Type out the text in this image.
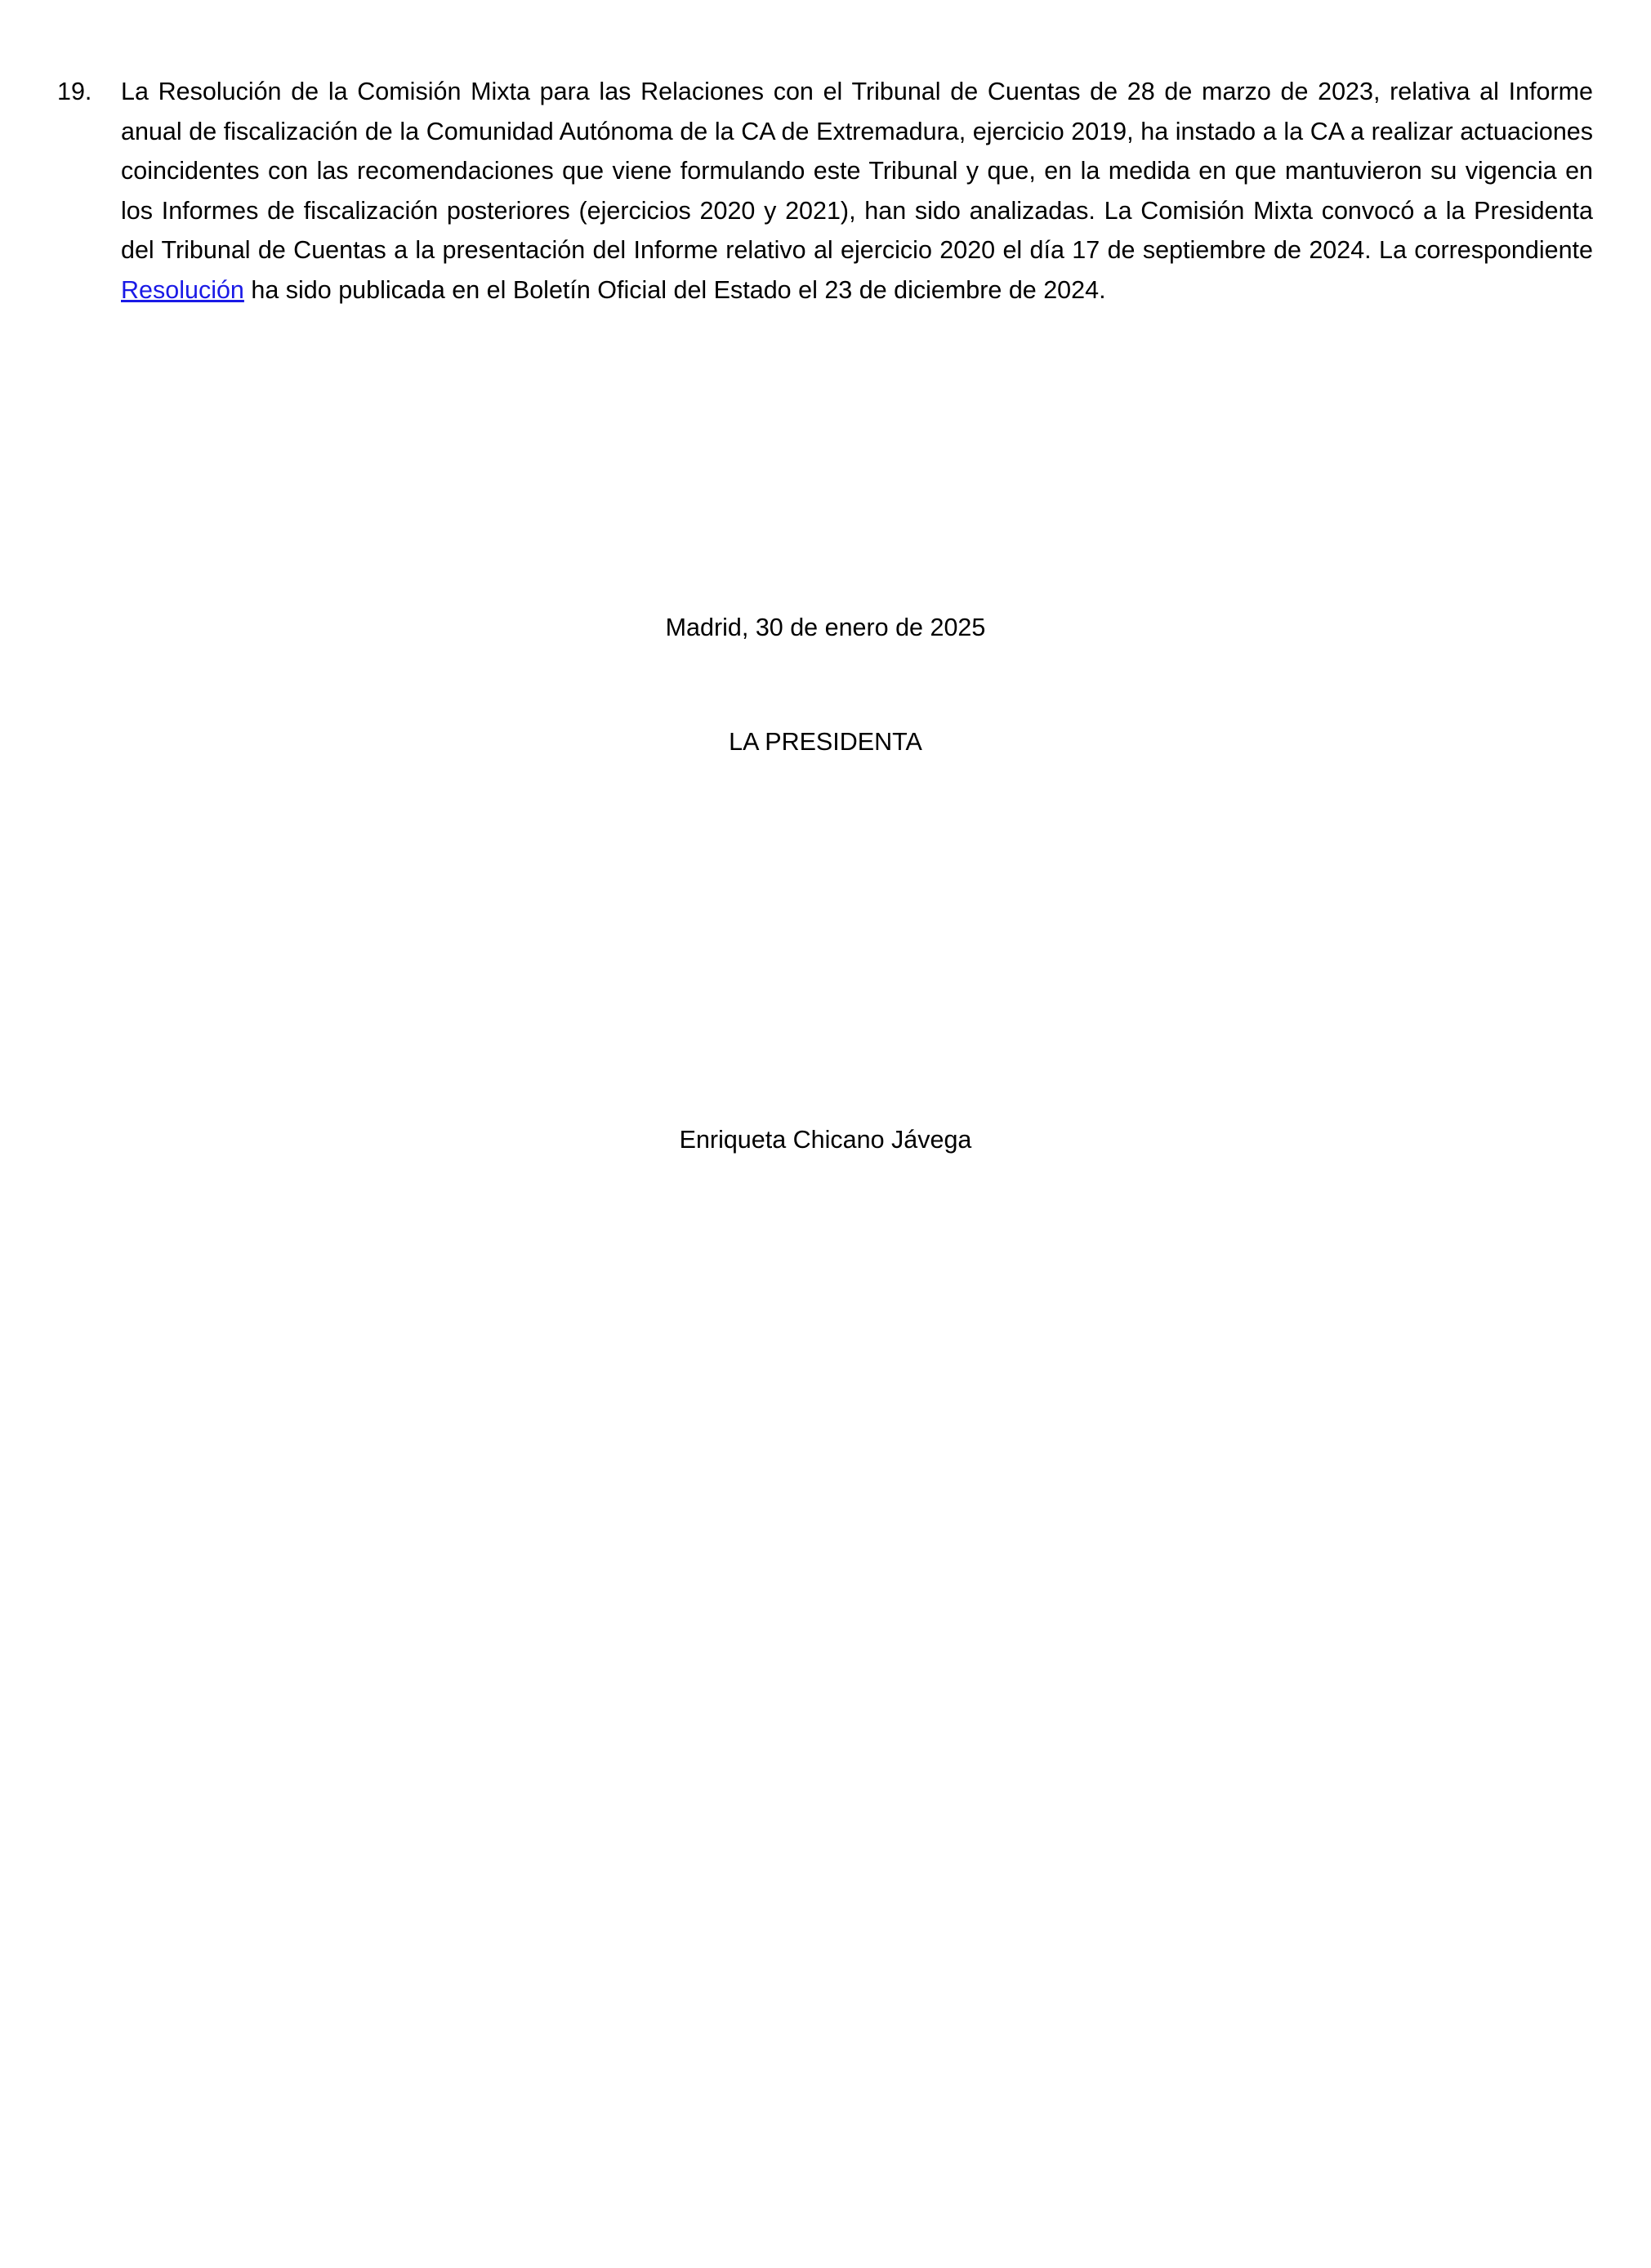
19.	La Resolución de la Comisión Mixta para las Relaciones con el Tribunal de Cuentas de 28 de marzo de 2023, relativa al Informe anual de fiscalización de la Comunidad Autónoma de la CA de Extremadura, ejercicio 2019, ha instado a la CA a realizar actuaciones coincidentes con las recomendaciones que viene formulando este Tribunal y que, en la medida en que mantuvieron su vigencia en los Informes de fiscalización posteriores (ejercicios 2020 y 2021), han sido analizadas. La Comisión Mixta convocó a la Presidenta del Tribunal de Cuentas a la presentación del Informe relativo al ejercicio 2020 el día 17 de septiembre de 2024. La correspondiente Resolución ha sido publicada en el Boletín Oficial del Estado el 23 de diciembre de 2024.
Madrid, 30 de enero de 2025
LA PRESIDENTA
Enriqueta Chicano Jávega
